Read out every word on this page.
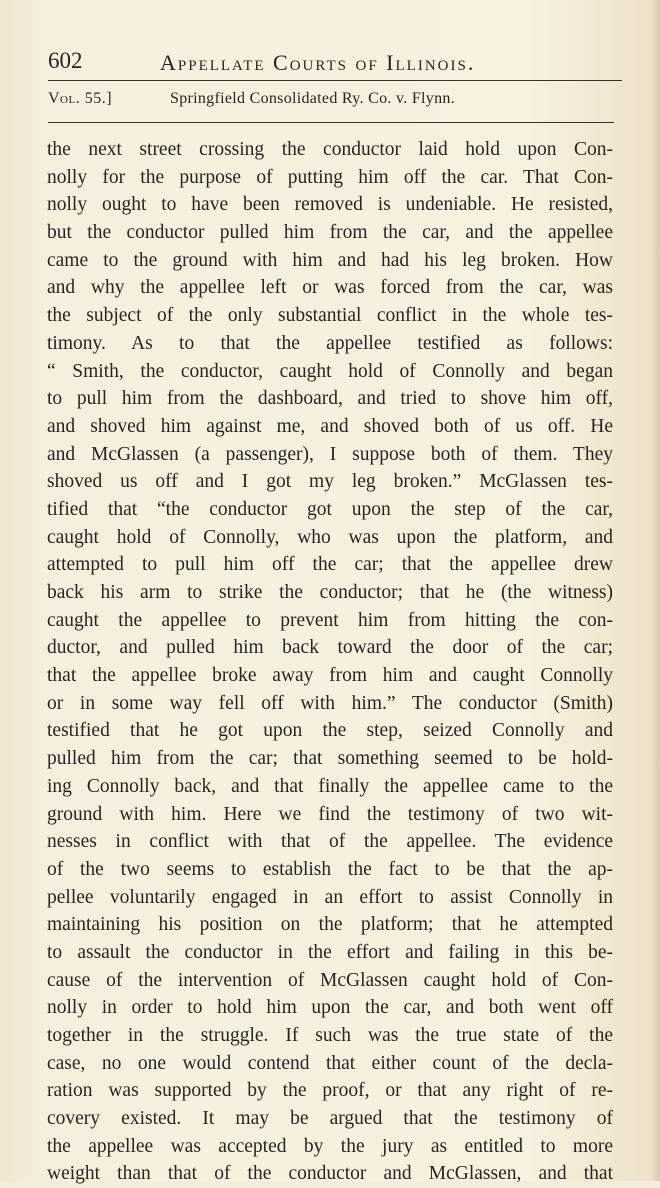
602	Appellate Courts of Illinois.
Vol. 55.]	Springfield Consolidated Ry. Co. v. Flynn.
the next street crossing the conductor laid hold upon Con-
nolly for the purpose of putting him off the car. That Con-
nolly ought to have been removed is undeniable. He resisted,
but the conductor pulled him from the car, and the appellee
came to the ground with him and had his leg broken. How
and why the appellee left or was forced from the car, was
the subject of the only substantial conflict in the whole tes-
timony. As to that the appellee testified as follows:
“ Smith, the conductor, caught hold of Connolly and began
to pull him from the dashboard, and tried to shove him off,
and shoved him against me, and shoved both of us off. He
and McGlassen (a passenger), I suppose both of them. They
shoved us off and I got my leg broken.” McGlassen tes-
tified that “the conductor got upon the step of the car,
caught hold of Connolly, who was upon the platform, and
attempted to pull him off the car; that the appellee drew
back his arm to strike the conductor; that he (the witness)
caught the appellee to prevent him from hitting the con-
ductor, and pulled him back toward the door of the car;
that the appellee broke away from him and caught Connolly
or in some way fell off with him.” The conductor (Smith)
testified that he got upon the step, seized Connolly and
pulled him from the car; that something seemed to be hold-
ing Connolly back, and that finally the appellee came to the
ground with him. Here we find the testimony of two wit-
nesses in conflict with that of the appellee. The evidence
of the two seems to establish the fact to be that the ap-
pellee voluntarily engaged in an effort to assist Connolly in
maintaining his position on the platform; that he attempted
to assault the conductor in the effort and failing in this be-
cause of the intervention of McGlassen caught hold of Con-
nolly in order to hold him upon the car, and both went off
together in the struggle. If such was the true state of the
case, no one would contend that either count of the decla-
ration was supported by the proof, or that any right of re-
covery existed. It may be argued that the testimony of
the appellee was accepted by the jury as entitled to more
weight than that of the conductor and McGlassen, and that
